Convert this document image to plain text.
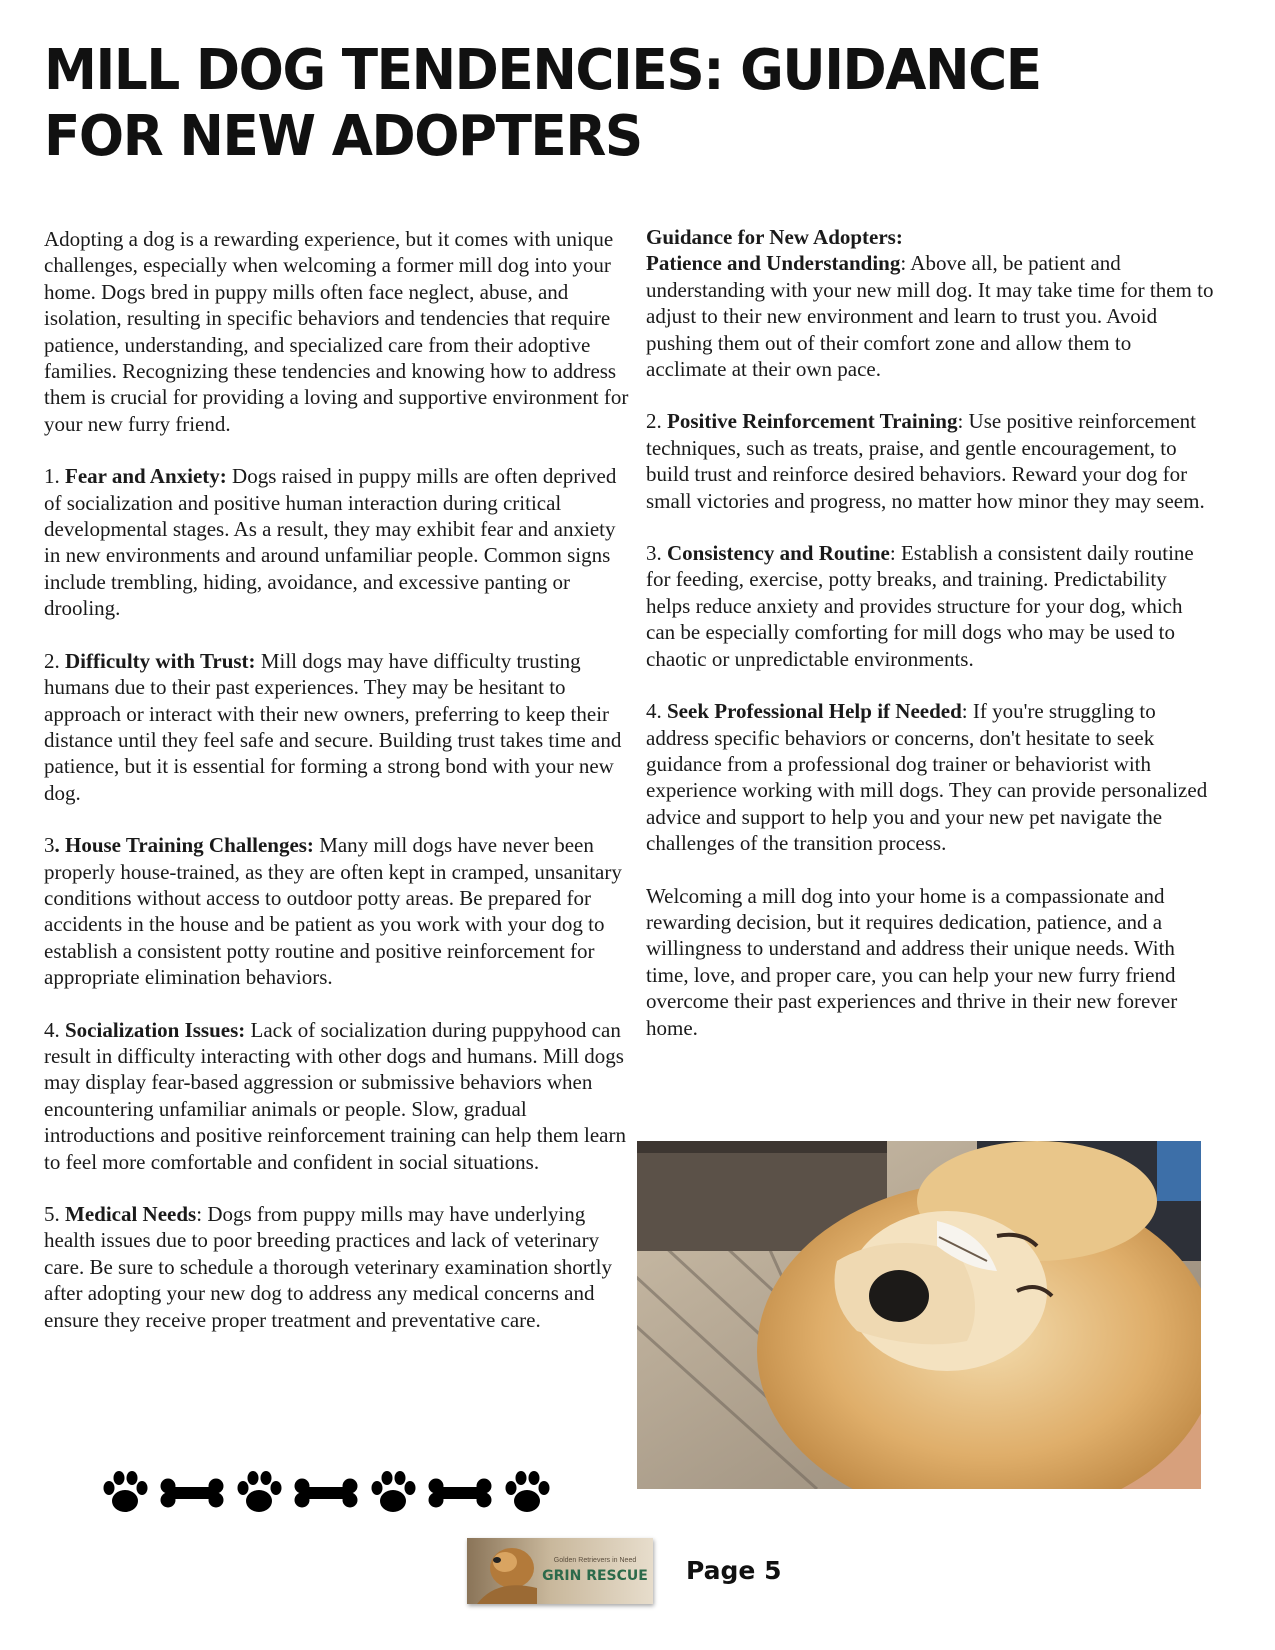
MILL DOG TENDENCIES: GUIDANCE FOR NEW ADOPTERS

Adopting a dog is a rewarding experience, but it comes with unique challenges, especially when welcoming a former mill dog into your home. Dogs bred in puppy mills often face neglect, abuse, and isolation, resulting in specific behaviors and tendencies that require patience, understanding, and specialized care from their adoptive families. Recognizing these tendencies and knowing how to address them is crucial for providing a loving and supportive environment for your new furry friend.

1. Fear and Anxiety: Dogs raised in puppy mills are often deprived of socialization and positive human interaction during critical developmental stages. As a result, they may exhibit fear and anxiety in new environments and around unfamiliar people. Common signs include trembling, hiding, avoidance, and excessive panting or drooling.

2. Difficulty with Trust: Mill dogs may have difficulty trusting humans due to their past experiences. They may be hesitant to approach or interact with their new owners, preferring to keep their distance until they feel safe and secure. Building trust takes time and patience, but it is essential for forming a strong bond with your new dog.

3. House Training Challenges: Many mill dogs have never been properly house-trained, as they are often kept in cramped, unsanitary conditions without access to outdoor potty areas. Be prepared for accidents in the house and be patient as you work with your dog to establish a consistent potty routine and positive reinforcement for appropriate elimination behaviors.

4. Socialization Issues: Lack of socialization during puppyhood can result in difficulty interacting with other dogs and humans. Mill dogs may display fear-based aggression or submissive behaviors when encountering unfamiliar animals or people. Slow, gradual introductions and positive reinforcement training can help them learn to feel more comfortable and confident in social situations.

5. Medical Needs: Dogs from puppy mills may have underlying health issues due to poor breeding practices and lack of veterinary care. Be sure to schedule a thorough veterinary examination shortly after adopting your new dog to address any medical concerns and ensure they receive proper treatment and preventative care.

Guidance for New Adopters:
Patience and Understanding: Above all, be patient and understanding with your new mill dog. It may take time for them to adjust to their new environment and learn to trust you. Avoid pushing them out of their comfort zone and allow them to acclimate at their own pace.

2. Positive Reinforcement Training: Use positive reinforcement techniques, such as treats, praise, and gentle encouragement, to build trust and reinforce desired behaviors. Reward your dog for small victories and progress, no matter how minor they may seem.

3. Consistency and Routine: Establish a consistent daily routine for feeding, exercise, potty breaks, and training. Predictability helps reduce anxiety and provides structure for your dog, which can be especially comforting for mill dogs who may be used to chaotic or unpredictable environments.

4. Seek Professional Help if Needed: If you're struggling to address specific behaviors or concerns, don't hesitate to seek guidance from a professional dog trainer or behaviorist with experience working with mill dogs. They can provide personalized advice and support to help you and your new pet navigate the challenges of the transition process.

Welcoming a mill dog into your home is a compassionate and rewarding decision, but it requires dedication, patience, and a willingness to understand and address their unique needs. With time, love, and proper care, you can help your new furry friend overcome their past experiences and thrive in their new forever home.

Golden Retrievers in Need
GRIN RESCUE Page 5
